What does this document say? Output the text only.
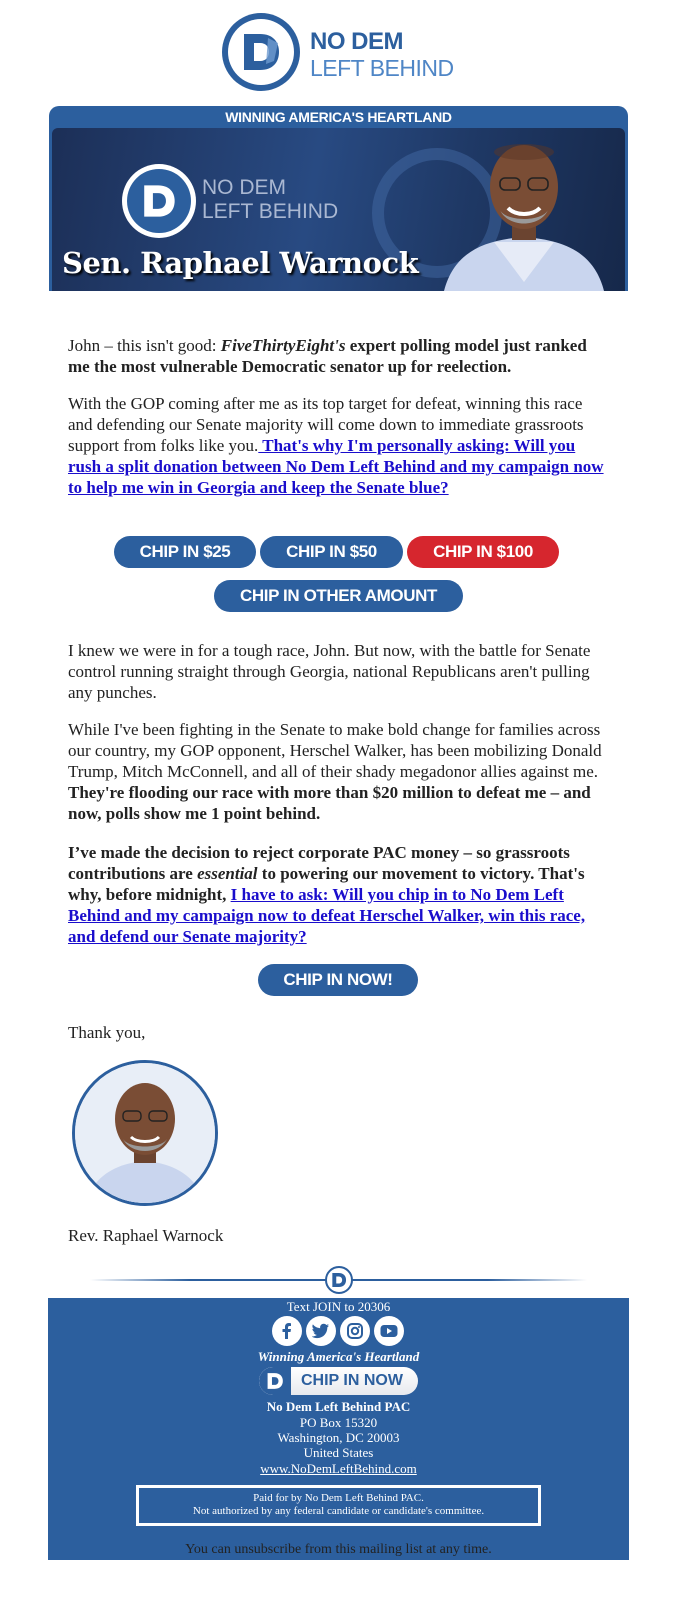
NO DEM
LEFT BEHIND
WINNING AMERICA'S HEARTLAND
NO DEM
LEFT BEHIND
Sen. Raphael Warnock

John – this isn't good: FiveThirtyEight's expert polling model just ranked me the most vulnerable Democratic senator up for reelection.

With the GOP coming after me as its top target for defeat, winning this race and defending our Senate majority will come down to immediate grassroots support from folks like you. That's why I'm personally asking: Will you rush a split donation between No Dem Left Behind and my campaign now to help me win in Georgia and keep the Senate blue?

CHIP IN $25	CHIP IN $50	CHIP IN $100
CHIP IN OTHER AMOUNT

I knew we were in for a tough race, John. But now, with the battle for Senate control running straight through Georgia, national Republicans aren't pulling any punches.

While I've been fighting in the Senate to make bold change for families across our country, my GOP opponent, Herschel Walker, has been mobilizing Donald Trump, Mitch McConnell, and all of their shady megadonor allies against me. They're flooding our race with more than $20 million to defeat me – and now, polls show me 1 point behind.

I’ve made the decision to reject corporate PAC money – so grassroots contributions are essential to powering our movement to victory. That's why, before midnight, I have to ask: Will you chip in to No Dem Left Behind and my campaign now to defeat Herschel Walker, win this race, and defend our Senate majority?

CHIP IN NOW!
Thank you,
Rev. Raphael Warnock
Text JOIN to 20306
Winning America's Heartland
CHIP IN NOW
No Dem Left Behind PAC
PO Box 15320
Washington, DC 20003
United States
www.NoDemLeftBehind.com
Paid for by No Dem Left Behind PAC.
Not authorized by any federal candidate or candidate's committee.
You can unsubscribe from this mailing list at any time.
